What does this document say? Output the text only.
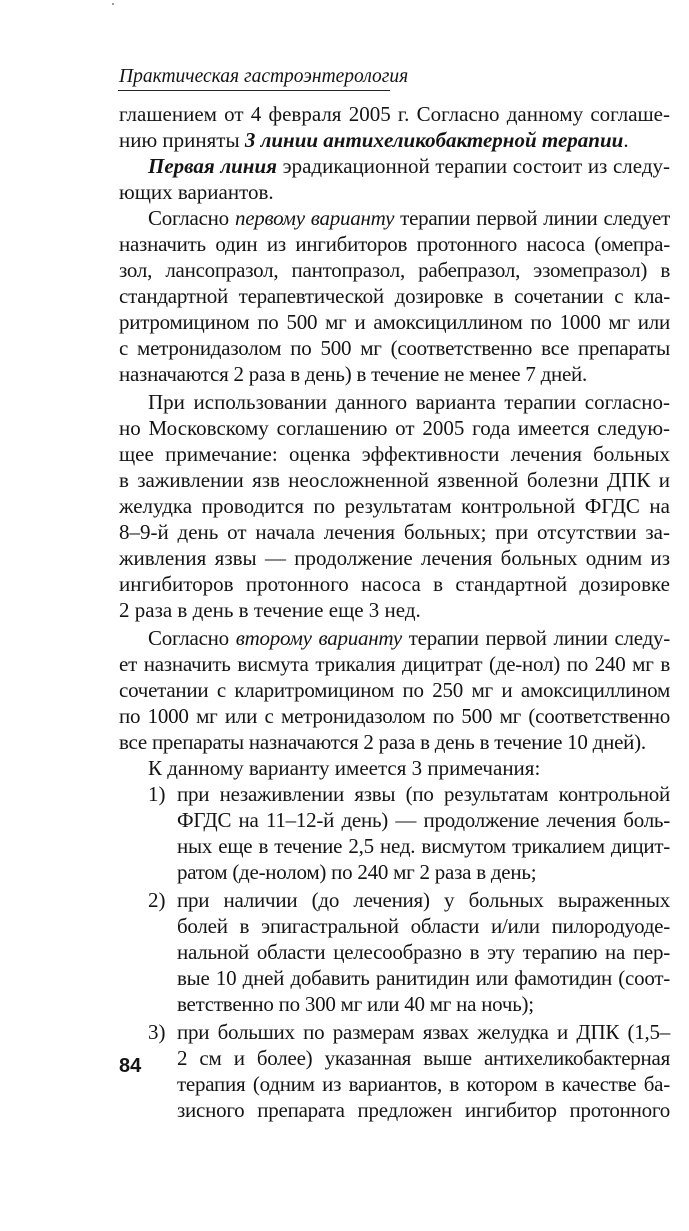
Практическая гастроэнтерология
глашением от 4 февраля 2005 г. Согласно данному соглаше-
нию приняты 3 линии антихеликобактерной терапии.
Первая линия эрадикационной терапии состоит из следу-
ющих вариантов.
Согласно первому варианту терапии первой линии следует
назначить один из ингибиторов протонного насоса (омепра-
зол, лансопразол, пантопразол, рабепразол, эзомепразол) в
стандартной терапевтической дозировке в сочетании с кла-
ритромицином по 500 мг и амоксициллином по 1000 мг или
с метронидазолом по 500 мг (соответственно все препараты
назначаются 2 раза в день) в течение не менее 7 дней.
При использовании данного варианта терапии согласно-
но Московскому соглашению от 2005 года имеется следую-
щее примечание: оценка эффективности лечения больных
в заживлении язв неосложненной язвенной болезни ДПК и
желудка проводится по результатам контрольной ФГДС на
8–9-й день от начала лечения больных; при отсутствии за-
живления язвы — продолжение лечения больных одним из
ингибиторов протонного насоса в стандартной дозировке
2 раза в день в течение еще 3 нед.
Согласно второму варианту терапии первой линии следу-
ет назначить висмута трикалия дицитрат (де-нол) по 240 мг в
сочетании с кларитромицином по 250 мг и амоксициллином
по 1000 мг или с метронидазолом по 500 мг (соответственно
все препараты назначаются 2 раза в день в течение 10 дней).
К данному варианту имеется 3 примечания:
1) при незаживлении язвы (по результатам контрольной
ФГДС на 11–12-й день) — продолжение лечения боль-
ных еще в течение 2,5 нед. висмутом трикалием дицит-
ратом (де-нолом) по 240 мг 2 раза в день;
2) при наличии (до лечения) у больных выраженных
болей в эпигастральной области и/или пилородуоде-
нальной области целесообразно в эту терапию на пер-
вые 10 дней добавить ранитидин или фамотидин (соот-
ветственно по 300 мг или 40 мг на ночь);
3) при больших по размерам язвах желудка и ДПК (1,5–
2 см и более) указанная выше антихеликобактерная
терапия (одним из вариантов, в котором в качестве ба-
зисного препарата предложен ингибитор протонного
84
